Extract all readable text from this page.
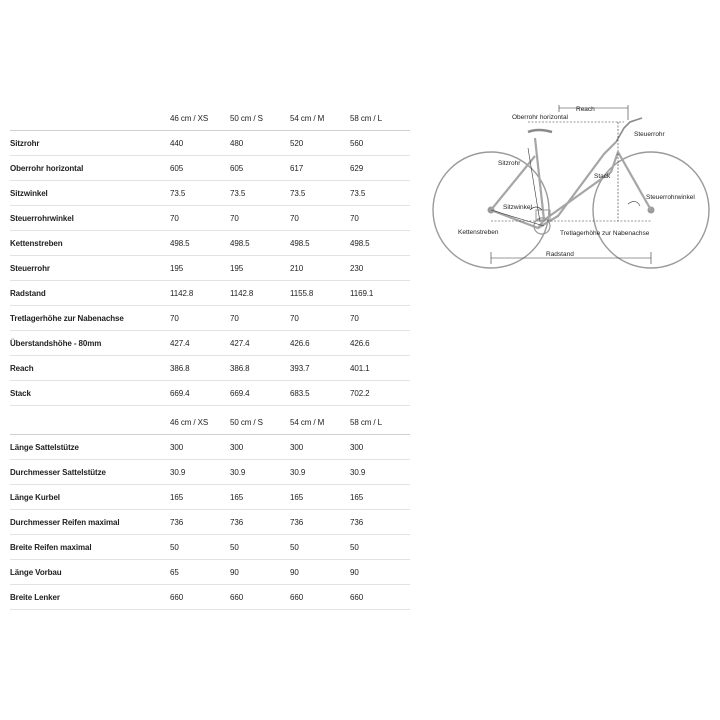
	46 cm / XS	50 cm / S	54 cm / M	58 cm / L
Sitzrohr	440	480	520	560
Oberrohr horizontal	605	605	617	629
Sitzwinkel	73.5	73.5	73.5	73.5
Steuerrohrwinkel	70	70	70	70
Kettenstreben	498.5	498.5	498.5	498.5
Steuerrohr	195	195	210	230
Radstand	1142.8	1142.8	1155.8	1169.1
Tretlagerhöhe zur Nabenachse	70	70	70	70
Überstandshöhe - 80mm	427.4	427.4	426.6	426.6
Reach	386.8	386.8	393.7	401.1
Stack	669.4	669.4	683.5	702.2
	46 cm / XS	50 cm / S	54 cm / M	58 cm / L
Länge Sattelstütze	300	300	300	300
Durchmesser Sattelstütze	30.9	30.9	30.9	30.9
Länge Kurbel	165	165	165	165
Durchmesser Reifen maximal	736	736	736	736
Breite Reifen maximal	50	50	50	50
Länge Vorbau	65	90	90	90
Breite Lenker	660	660	660	660
Reach
Oberrohr horizontal
Steuerrohr
Sitzrohr
Stack
Steuerrohrwinkel
Sitzwinkel
Kettenstreben	Tretlagerhöhe zur Nabenachse
Radstand
